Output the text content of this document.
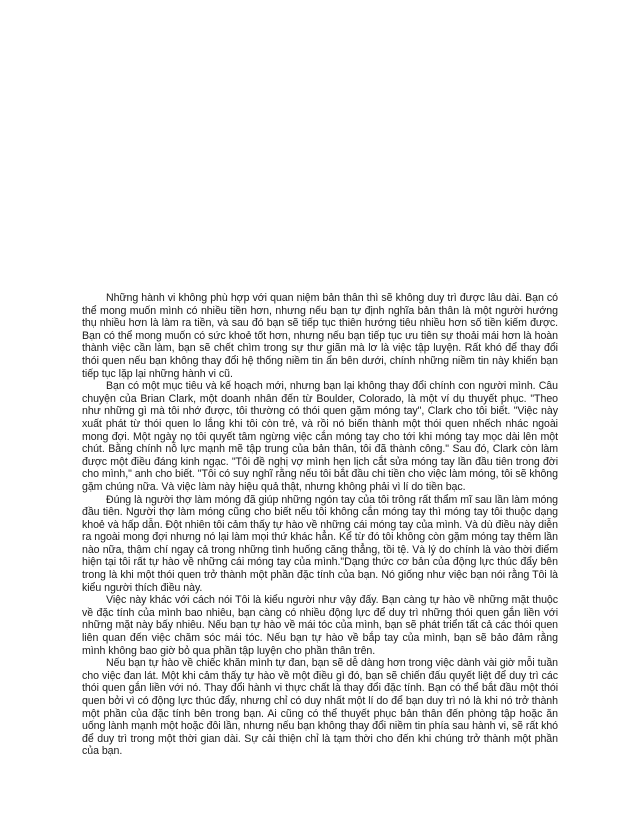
Những hành vi không phù hợp với quan niệm bản thân thì sẽ không duy trì được lâu dài. Bạn có thể mong muốn mình có nhiều tiền hơn, nhưng nếu bạn tự định nghĩa bản thân là một người hướng thụ nhiều hơn là làm ra tiền, và sau đó bạn sẽ tiếp tục thiên hướng tiêu nhiều hơn số tiền kiếm được. Bạn có thể mong muốn có sức khoẻ tốt hơn, nhưng nếu bạn tiếp tục ưu tiên sự thoải mái hơn là hoàn thành việc cần làm, bạn sẽ chết chìm trong sự thư giãn mà lơ là việc tập luyện. Rất khó để thay đổi thói quen nếu bạn không thay đổi hệ thống niềm tin ẩn bên dưới, chính những niềm tin này khiến bạn tiếp tục lặp lại những hành vi cũ.

Bạn có một mục tiêu và kế hoạch mới, nhưng bạn lại không thay đổi chính con người mình. Câu chuyện của Brian Clark, một doanh nhân đến từ Boulder, Colorado, là một ví dụ thuyết phục. "Theo như những gì mà tôi nhớ được, tôi thường có thói quen gặm móng tay", Clark cho tôi biết. "Việc này xuất phát từ thói quen lo lắng khi tôi còn trẻ, và rồi nó biến thành một thói quen nhếch nhác ngoài mong đợi. Một ngày nọ tôi quyết tâm ngừng việc cắn móng tay cho tới khi móng tay mọc dài lên một chút. Bằng chính nỗ lực mạnh mẽ tập trung của bản thân, tôi đã thành công." Sau đó, Clark còn làm được một điều đáng kinh ngạc. "Tôi đề nghị vợ mình hẹn lịch cắt sửa móng tay lần đầu tiên trong đời cho mình," anh cho biết. "Tôi có suy nghĩ rằng nếu tôi bắt đầu chi tiền cho việc làm móng, tôi sẽ không gặm chúng nữa. Và việc làm này hiệu quả thật, nhưng không phải vì lí do tiền bạc.

Đúng là người thợ làm móng đã giúp những ngón tay của tôi trông rất thẩm mĩ sau lần làm móng đầu tiên. Người thợ làm móng cũng cho biết nếu tôi không cắn móng tay thì móng tay tôi thuộc dạng khoẻ và hấp dẫn. Đột nhiên tôi cảm thấy tự hào về những cái móng tay của mình. Và dù điều này diễn ra ngoài mong đợi nhưng nó lại làm mọi thứ khác hẳn. Kể từ đó tôi không còn gặm móng tay thêm lần nào nữa, thậm chí ngay cả trong những tình huống căng thẳng, tồi tệ. Và lý do chính là vào thời điểm hiện tại tôi rất tự hào về những cái móng tay của mình."Dạng thức cơ bản của động lực thúc đẩy bên trong là khi một thói quen trở thành một phần đặc tính của bạn. Nó giống như việc bạn nói rằng Tôi là kiểu người thích điều này.

Việc này khác với cách nói Tôi là kiểu người như vậy đấy. Bạn càng tự hào về những mặt thuộc về đặc tính của mình bao nhiêu, bạn càng có nhiều động lực để duy trì những thói quen gắn liền với những mặt này bấy nhiêu. Nếu bạn tự hào về mái tóc của mình, bạn sẽ phát triển tất cả các thói quen liên quan đến việc chăm sóc mái tóc. Nếu bạn tự hào về bắp tay của mình, bạn sẽ bảo đảm rằng mình không bao giờ bỏ qua phần tập luyện cho phần thân trên.

Nếu bạn tự hào về chiếc khăn mình tự đan, bạn sẽ dễ dàng hơn trong việc dành vài giờ mỗi tuần cho việc đan lát. Một khi cảm thấy tự hào về một điều gì đó, bạn sẽ chiến đấu quyết liệt để duy trì các thói quen gắn liền với nó. Thay đổi hành vi thực chất là thay đổi đặc tính. Bạn có thể bắt đầu một thói quen bởi vì có động lực thúc đẩy, nhưng chỉ có duy nhất một lí do để bạn duy trì nó là khi nó trở thành một phần của đặc tính bên trong bạn. Ai cũng có thể thuyết phục bản thân đến phòng tập hoặc ăn uống lành mạnh một hoặc đôi lần, nhưng nếu bạn không thay đổi niềm tin phía sau hành vi, sẽ rất khó để duy trì trong một thời gian dài. Sự cải thiện chỉ là tạm thời cho đến khi chúng trở thành một phần của bạn.
